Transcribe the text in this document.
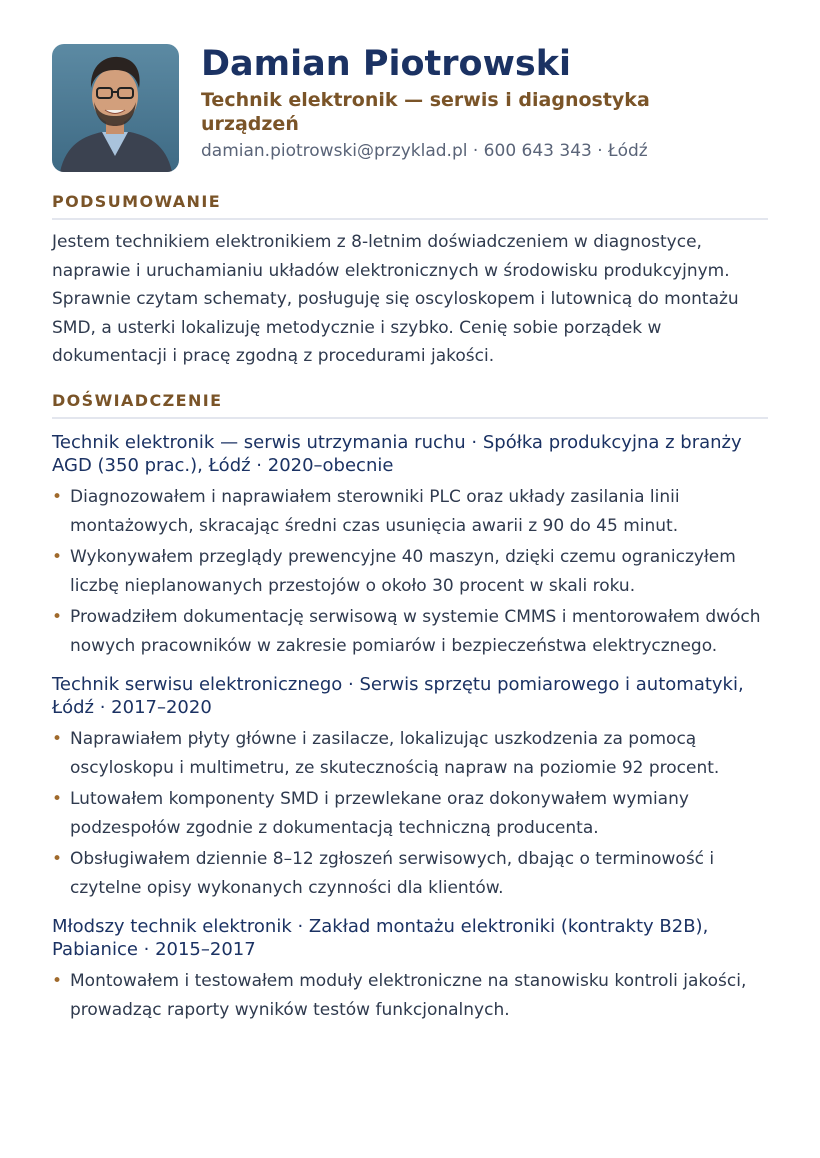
Damian Piotrowski
Technik elektronik — serwis i diagnostyka urządzeń
damian.piotrowski@przyklad.pl · 600 643 343 · Łódź
PODSUMOWANIE
Jestem technikiem elektronikiem z 8-letnim doświadczeniem w diagnostyce, naprawie i uruchamianiu układów elektronicznych w środowisku produkcyjnym. Sprawnie czytam schematy, posługuję się oscyloskopem i lutownicą do montażu SMD, a usterki lokalizuję metodycznie i szybko. Cenię sobie porządek w dokumentacji i pracę zgodną z procedurami jakości.
DOŚWIADCZENIE
Technik elektronik — serwis utrzymania ruchu · Spółka produkcyjna z branży AGD (350 prac.), Łódź · 2020–obecnie
• Diagnozowałem i naprawiałem sterowniki PLC oraz układy zasilania linii montażowych, skracając średni czas usunięcia awarii z 90 do 45 minut.
• Wykonywałem przeglądy prewencyjne 40 maszyn, dzięki czemu ograniczyłem liczbę nieplanowanych przestojów o około 30 procent w skali roku.
• Prowadziłem dokumentację serwisową w systemie CMMS i mentorowałem dwóch nowych pracowników w zakresie pomiarów i bezpieczeństwa elektrycznego.
Technik serwisu elektronicznego · Serwis sprzętu pomiarowego i automatyki, Łódź · 2017–2020
• Naprawiałem płyty główne i zasilacze, lokalizując uszkodzenia za pomocą oscyloskopu i multimetru, ze skutecznością napraw na poziomie 92 procent.
• Lutowałem komponenty SMD i przewlekane oraz dokonywałem wymiany podzespołów zgodnie z dokumentacją techniczną producenta.
• Obsługiwałem dziennie 8–12 zgłoszeń serwisowych, dbając o terminowość i czytelne opisy wykonanych czynności dla klientów.
Młodszy technik elektronik · Zakład montażu elektroniki (kontrakty B2B), Pabianice · 2015–2017
• Montowałem i testowałem moduły elektroniczne na stanowisku kontroli jakości, prowadząc raporty wyników testów funkcjonalnych.
